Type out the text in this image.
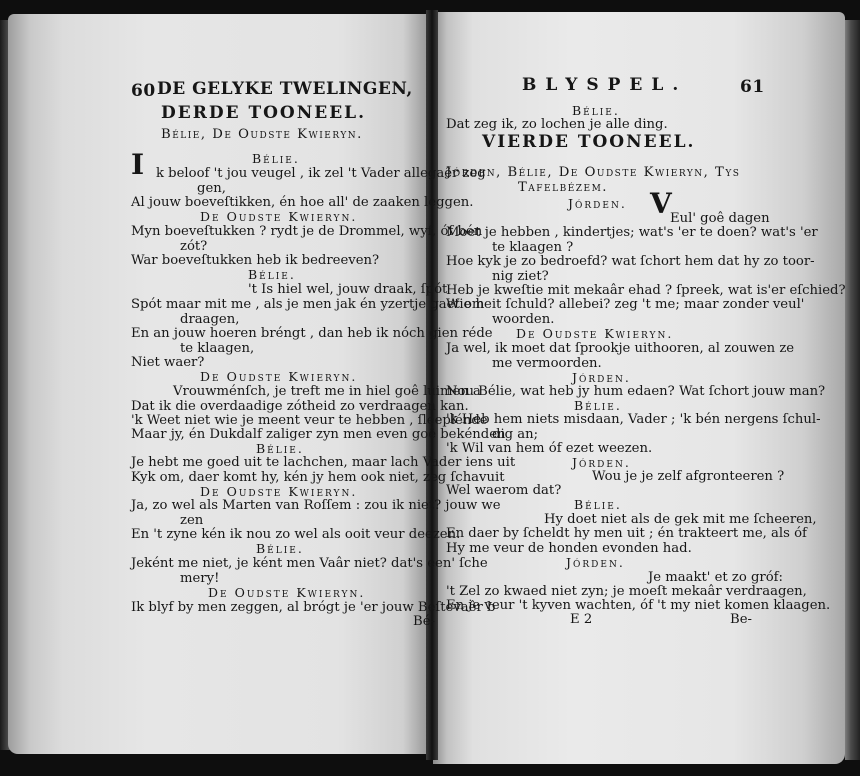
60 DE GELYKE TWELINGEN,
DERDE TOONEEL.
Bélie, De Oudste Kwieryn.
I	Bélie.
k beloof 't jou veugel , ik zel 't Vader allegaêr zeg
gen,
Al jouw boeveſtikken, én hoe all' de zaaken leggen.
De Oudste Kwieryn.
Myn boeveſtukken ? rydt je de Drommel, wyf, óf bén
zót?
War boeveſtukken heb ik bedreeven?
Bélie.
't Is hiel wel, jouw draak, ſpót
Spót maar mit me , als je men jak én yzertje gaet om
draagen,
En an jouw hoeren bréngt , dan heb ik nóch gien réde
te klaagen,
Niet waer?
De Oudste Kwieryn.
Vrouwménſch, je treft me in hiel goê luimen a
Dat ik die overdaadige zótheid zo verdraagen kan.
'k Weet niet wie je meent veur te hebben , ſleeplénde
Maar jy, én Dukdalf zaliger zyn men even goê bekénden
Bélie.
Je hebt me goed uit te lachchen, maar lach Vader iens uit
Kyk om, daer komt hy, kén jy hem ook niet, zeg ſchavuit
De Oudste Kwieryn.
Ja, zo wel als Marten van Roſſem : zou ik niet? jouw we
zen
En 't zyne kén ik nou zo wel als ooit veur deezen.
Bélie.
Jeként me niet, je ként men Vaâr niet? dat's een' ſche
mery!
De Oudste Kwieryn.
Ik blyf by men zeggen, al brógt je 'er jouw Beſtevaêr b
Bé-
BLYSPEL.	61
VIERDE TOONEEL.
V
Bélie.
Dat zeg ik, zo lochen je alle ding.
Jórden, Bélie, De Oudste Kwieryn, Tys
Tafelbézem.
Jórden.
Eul' goê dagen
Moet je hebben , kindertjes; wat's 'er te doen? wat's 'er
te klaagen ?
Hoe kyk je zo bedroefd? wat ſchort hem dat hy zo toor-
nig ziet?
Heb je kweſtie mit mekaâr ehad ? ſpreek, wat is'er eſchied?
Wie heit ſchuld? allebei? zeg 't me; maar zonder veul'
woorden.
De Oudste Kwieryn.
Ja wel, ik moet dat ſprookje uithooren, al zouwen ze
me vermoorden.
Jórden.
Nou Bélie, wat heb jy hum edaen? Wat ſchort jouw man?
Bélie.
'k Heb hem niets misdaan, Vader ; 'k bén nergens ſchul-
dig an;
'k Wil van hem óf ezet weezen.
Jórden.
Wou je je zelf afgronteeren ?
Wel waerom dat?
Bélie.
Hy doet niet als de gek mit me ſcheeren,
En daer by ſcheldt hy men uit ; én trakteert me, als óf
Hy me veur de honden evonden had.
Jórden.
Je maakt' et zo gróf:
't Zel zo kwaed niet zyn; je moeſt mekaâr verdraagen,
En je veur 't kyven wachten, óf 't my niet komen klaagen.
E 2	Be-
